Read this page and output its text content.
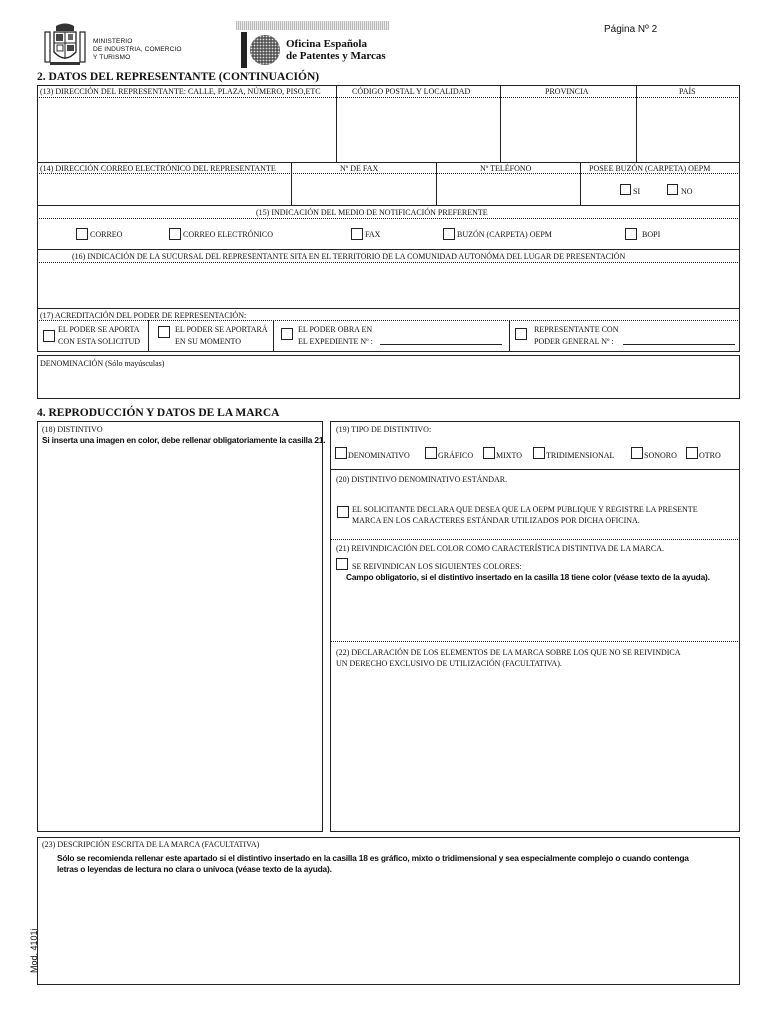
MINISTERIO
DE INDUSTRIA, COMERCIO
Y TURISMO
Oficina Española
de Patentes y Marcas
Página Nº 2
2. DATOS DEL REPRESENTANTE (CONTINUACIÓN)
(13) DIRECCIÓN DEL REPRESENTANTE: CALLE, PLAZA, NÚMERO, PISO,ETC	CÓDIGO POSTAL Y LOCALIDAD	PROVINCIA	PAÍS
(14) DIRECCIÓN CORREO ELECTRÓNICO DEL REPRESENTANTE	Nº DE FAX	Nº TELÉFONO	POSEE BUZÓN (CARPETA) OEPM
SI	NO
(15) INDICACIÓN DEL MEDIO DE NOTIFICACIÓN PREFERENTE
CORREO	CORREO ELECTRÓNICO	FAX	BUZÓN (CARPETA) OEPM	BOPI
(16) INDICACIÓN DE LA SUCURSAL DEL REPRESENTANTE SITA EN EL TERRITORIO DE LA COMUNIDAD AUTONÓMA DEL LUGAR DE PRESENTACIÓN
(17) ACREDITACIÓN DEL PODER DE REPRESENTACIÓN:
EL PODER SE APORTA
CON ESTA SOLICITUD
EL PODER SE APORTARÁ
EN SU MOMENTO
EL PODER OBRA EN
EL EXPEDIENTE Nº :
REPRESENTANTE CON
PODER GENERAL Nº :
DENOMINACIÓN (Sólo mayúsculas)
4. REPRODUCCIÓN Y DATOS DE LA MARCA
(18) DISTINTIVO
Si inserta una imagen en color, debe rellenar obligatoriamente la casilla 21.
(19) TIPO DE DISTINTIVO:
DENOMINATIVO	GRÁFICO	MIXTO	TRIDIMENSIONAL	SONORO	OTRO
(20) DISTINTIVO DENOMINATIVO ESTÁNDAR.
EL SOLICITANTE DECLARA QUE DESEA QUE LA OEPM PUBLIQUE Y REGISTRE LA PRESENTE
MARCA EN LOS CARACTERES ESTÁNDAR UTILIZADOS POR DICHA OFICINA.
(21) REIVINDICACIÓN DEL COLOR COMO CARACTERÍSTICA DISTINTIVA DE LA MARCA.
SE REIVINDICAN LOS SIGUIENTES COLORES:
Campo obligatorio, si el distintivo insertado en la casilla 18 tiene color (véase texto de la ayuda).
(22) DECLARACIÓN DE LOS ELEMENTOS DE LA MARCA SOBRE LOS QUE NO SE REIVINDICA
UN DERECHO EXCLUSIVO DE UTILIZACIÓN (FACULTATIVA).
(23) DESCRIPCIÓN ESCRITA DE LA MARCA (FACULTATIVA)
Sólo se recomienda rellenar este apartado si el distintivo insertado en la casilla 18 es gráfico, mixto o tridimensional y sea especialmente complejo o cuando contenga
letras o leyendas de lectura no clara o unívoca (véase texto de la ayuda).
Mod. 4101i
